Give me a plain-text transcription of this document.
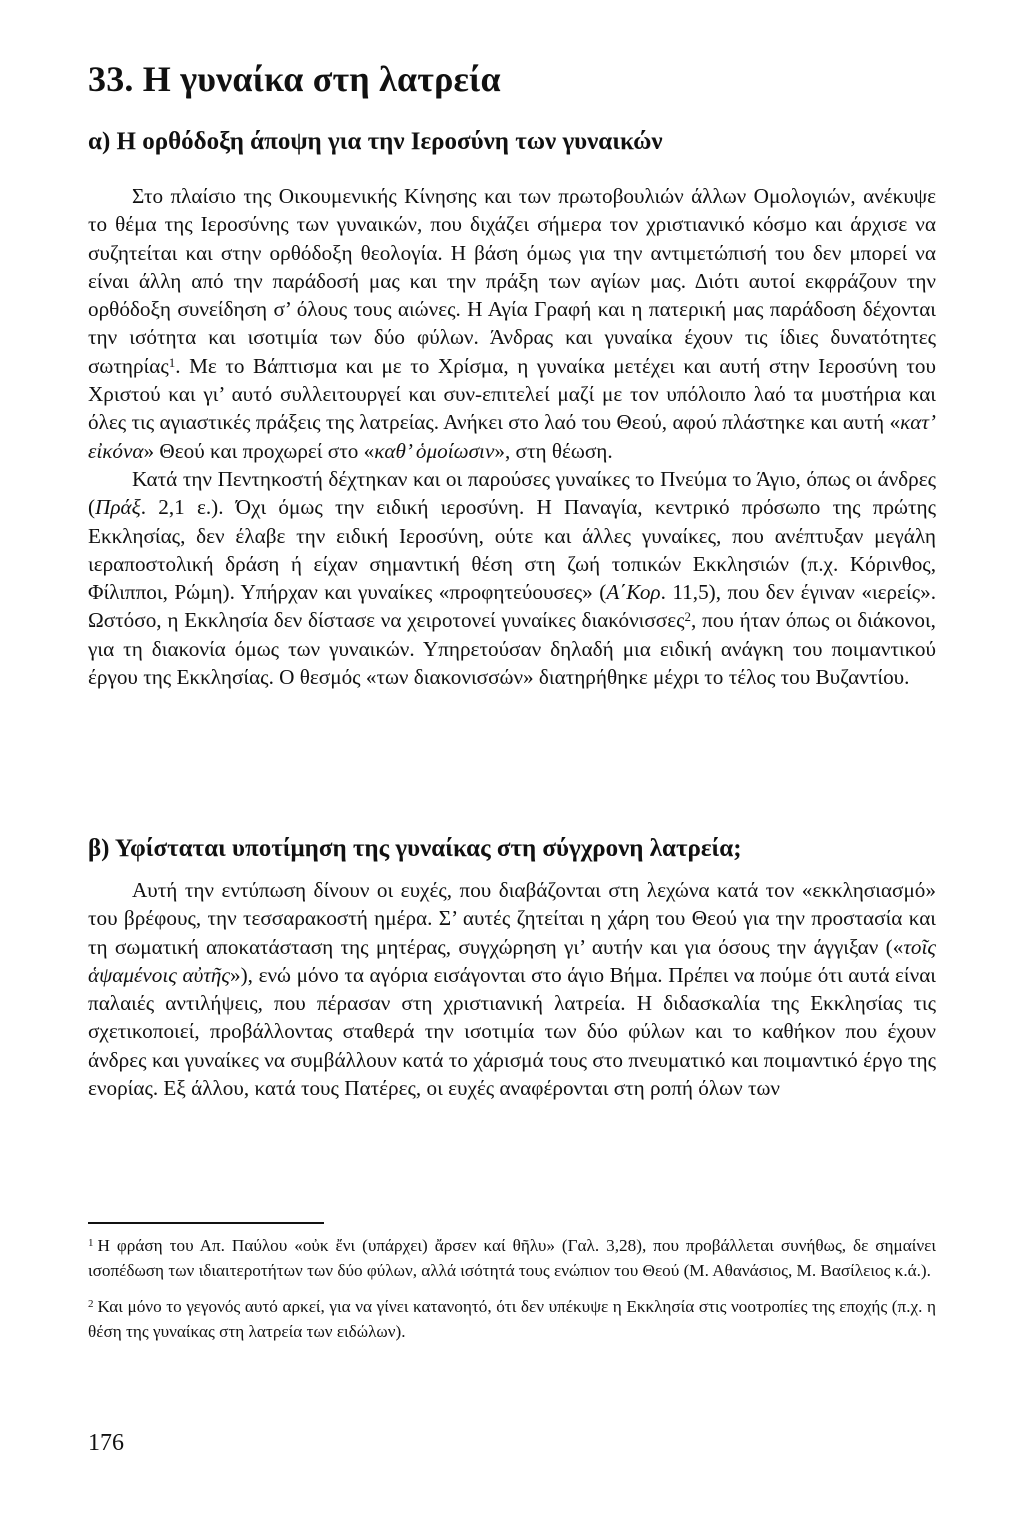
33. Η γυναίκα στη λατρεία
α) Η ορθόδοξη άποψη για την Ιεροσύνη των γυναικών

Στο πλαίσιο της Οικουμενικής Κίνησης και των πρωτοβουλιών άλλων Ομολογιών, ανέκυψε το θέμα της Ιεροσύνης των γυναικών, που διχάζει σήμερα τον χριστιανικό κόσμο και άρχισε να συζητείται και στην ορθόδοξη θεολογία. Η βάση όμως για την αντιμετώπισή του δεν μπορεί να είναι άλλη από την παράδοσή μας και την πράξη των αγίων μας. Διότι αυτοί εκφράζουν την ορθόδοξη συνείδηση σ’ όλους τους αιώνες. Η Αγία Γραφή και η πατερική μας παράδοση δέχονται την ισότητα και ισοτιμία των δύο φύλων. Άνδρας και γυναίκα έχουν τις ίδιες δυνατότητες σωτηρίας$^1$. Με το Βάπτισμα και με το Χρίσμα, η γυναίκα μετέχει και αυτή στην Ιεροσύνη του Χριστού και γι’ αυτό συλλειτουργεί και συν-επιτελεί μαζί με τον υπόλοιπο λαό τα μυστήρια και όλες τις αγιαστικές πράξεις της λατρείας. Ανήκει στο λαό του Θεού, αφού πλάστηκε και αυτή «κατ’ εἰκόνα» Θεού και προχωρεί στο «καθ’ ὁμοίωσιν», στη θέωση.

Κατά την Πεντηκοστή δέχτηκαν και οι παρούσες γυναίκες το Πνεύμα το Άγιο, όπως οι άνδρες (Πράξ. 2,1 ε.). Όχι όμως την ειδική ιεροσύνη. Η Παναγία, κεντρικό πρόσωπο της πρώτης Εκκλησίας, δεν έλαβε την ειδική Ιεροσύνη, ούτε και άλλες γυναίκες, που ανέπτυξαν μεγάλη ιεραποστολική δράση ή είχαν σημαντική θέση στη ζωή τοπικών Εκκλησιών (π.χ. Κόρινθος, Φίλιπποι, Ρώμη). Υπήρχαν και γυναίκες «προφητεύουσες» (Α΄Κορ. 11,5), που δεν έγιναν «ιερείς». Ωστόσο, η Εκκλησία δεν δίστασε να χειροτονεί γυναίκες διακόνισσες$^2$, που ήταν όπως οι διάκονοι, για τη διακονία όμως των γυναικών. Υπηρετούσαν δηλαδή μια ειδική ανάγκη του ποιμαντικού έργου της Εκκλησίας. Ο θεσμός «των διακονισσών» διατηρήθηκε μέχρι το τέλος του Βυζαντίου.

β) Υφίσταται υποτίμηση της γυναίκας στη σύγχρονη λατρεία;

Αυτή την εντύπωση δίνουν οι ευχές, που διαβάζονται στη λεχώνα κατά τον «εκκλησιασμό» του βρέφους, την τεσσαρακοστή ημέρα. Σ’ αυτές ζητείται η χάρη του Θεού για την προστασία και τη σωματική αποκατάσταση της μητέρας, συγχώρηση γι’ αυτήν και για όσους την άγγιξαν («τοῖς ἁψαμένοις αὐτῆς»), ενώ μόνο τα αγόρια εισάγονται στο άγιο Βήμα. Πρέπει να πούμε ότι αυτά είναι παλαιές αντιλήψεις, που πέρασαν στη χριστιανική λατρεία. Η διδασκαλία της Εκκλησίας τις σχετικοποιεί, προβάλλοντας σταθερά την ισοτιμία των δύο φύλων και το καθήκον που έχουν άνδρες και γυναίκες να συμβάλλουν κατά το χάρισμά τους στο πνευματικό και ποιμαντικό έργο της ενορίας. Εξ άλλου, κατά τους Πατέρες, οι ευχές αναφέρονται στη ροπή όλων των

$^1$ Η φράση του Απ. Παύλου «οὐκ ἔνι (υπάρχει) ἄρσεν καί θῆλυ» (Γαλ. 3,28), που προβάλλεται συνήθως, δε σημαίνει ισοπέδωση των ιδιαιτεροτήτων των δύο φύλων, αλλά ισότητά τους ενώπιον του Θεού (Μ. Αθανάσιος, Μ. Βασίλειος κ.ά.).

$^2$ Και μόνο το γεγονός αυτό αρκεί, για να γίνει κατανοητό, ότι δεν υπέκυψε η Εκκλησία στις νοοτροπίες της εποχής (π.χ. η θέση της γυναίκας στη λατρεία των ειδώλων).

176
